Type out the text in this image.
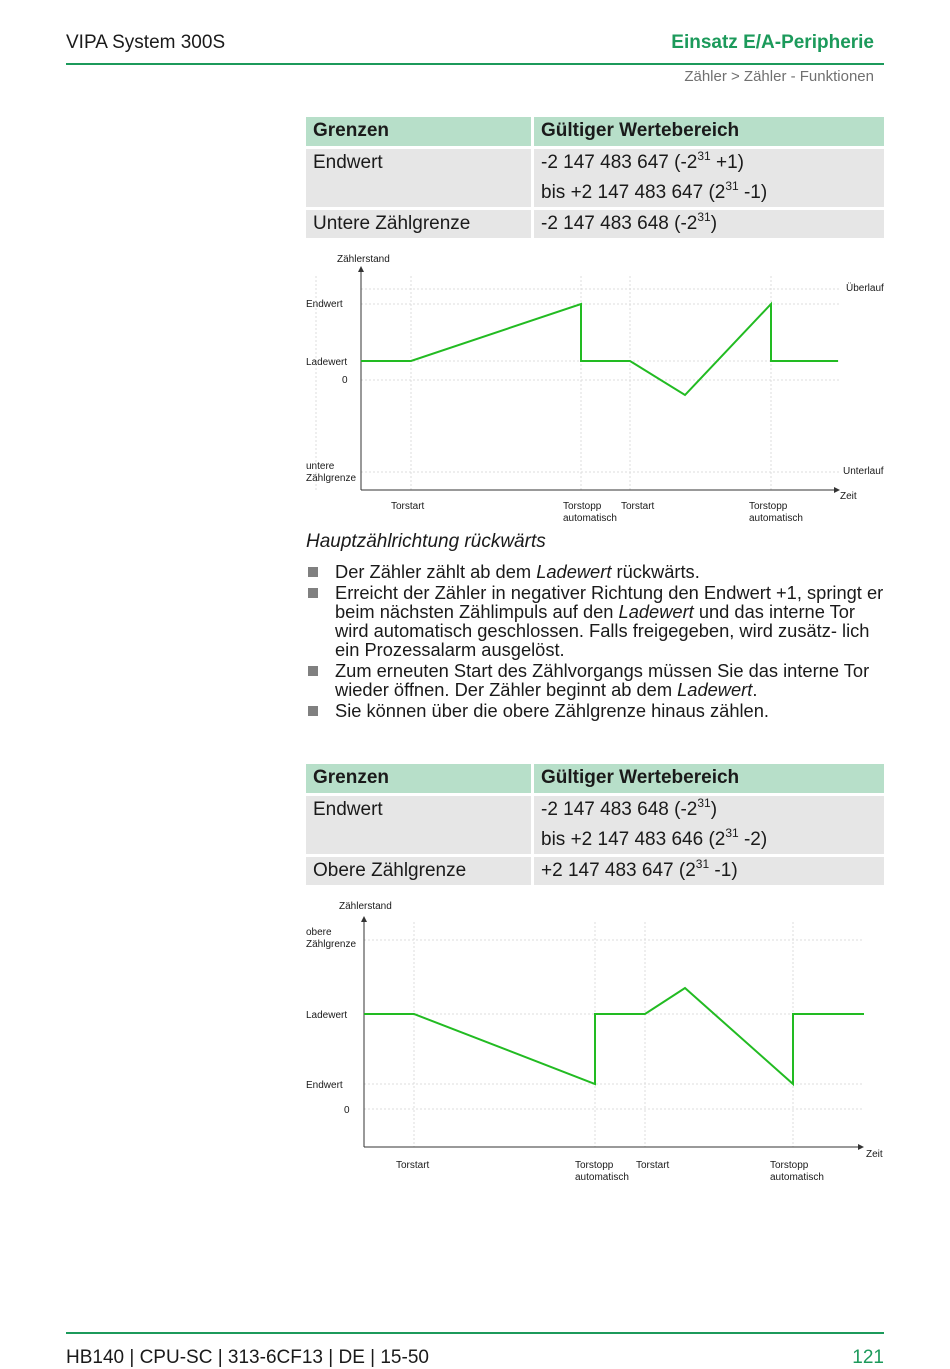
VIPA System 300S	Einsatz E/A-Peripherie
Zähler > Zähler - Funktionen
Grenzen	Gültiger Wertebereich
Endwert	-2 147 483 647 $(-2^{31} +1)$
bis +2 147 483 647 ($2^{31}$ -1)

Untere Zählgrenze	-2 147 483 648 $(-2^{31})$
Zählerstand
Endwert
Ladewert
0
untere
Zählgrenze
Überlauf
Unterlauf
Zeit
Torstart	Torstopp
automatisch
Torstart	Torstopp
automatisch
Hauptzählrichtung rückwärts
Der Zähler zählt ab dem Ladewert rückwärts.
Erreicht der Zähler in negativer Richtung den Endwert +1, springt er beim nächsten Zählimpuls auf den Ladewert und das interne Tor wird automatisch geschlossen. Falls freigegeben, wird zusätz- lich ein Prozessalarm ausgelöst.
Zum erneuten Start des Zählvorgangs müssen Sie das interne Tor wieder öffnen. Der Zähler beginnt ab dem Ladewert.
Sie können über die obere Zählgrenze hinaus zählen.
Grenzen	Gültiger Wertebereich
Endwert	-2 147 483 648 $(-2^{31})$
bis +2 147 483 646 ($2^{31}$ -2)

Obere Zählgrenze	+2 147 483 647 ($2^{31}$ -1)
Zählerstand
obere
Zählgrenze
Ladewert
Endwert
0
Zeit
Torstart	Torstopp
automatisch
Torstart	Torstopp
automatisch
HB140 | CPU-SC | 313-6CF13 | DE | 15-50	121
